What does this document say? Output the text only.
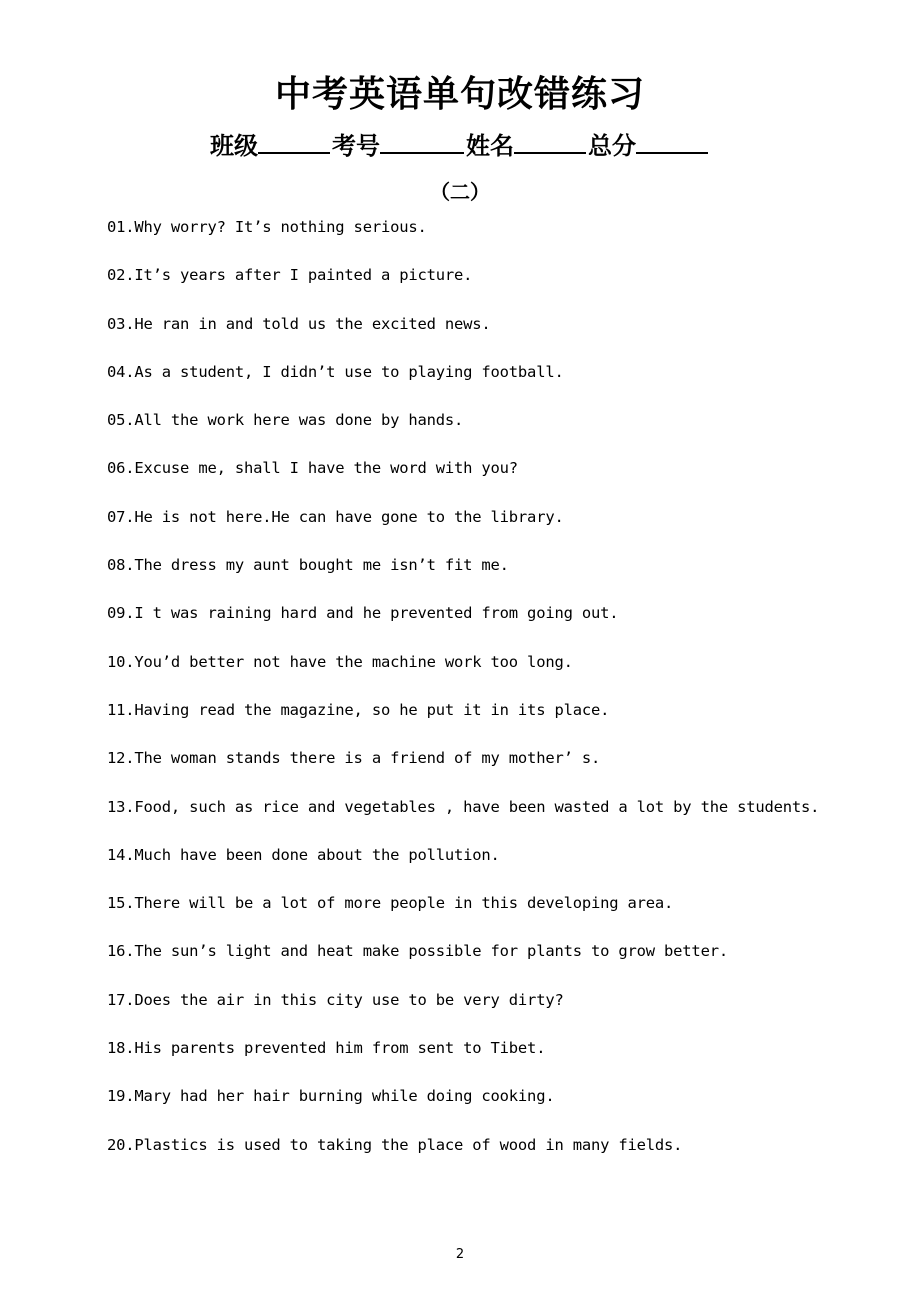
中考英语单句改错练习
班级	考号	姓名	总分
（二）
01.Why worry? It’s nothing serious.
02.It’s years after I painted a picture.
03.He ran in and told us the excited news.
04.As a student, I didn’t use to playing football.
05.All the work here was done by hands.
06.Excuse me, shall I have the word with you?
07.He is not here.He can have gone to the library.
08.The dress my aunt bought me isn’t fit me.
09.I t was raining hard and he prevented from going out.
10.You’d better not have the machine work too long.
11.Having read the magazine, so he put it in its place.
12.The woman stands there is a friend of my mother’ s.
13.Food, such as rice and vegetables , have been wasted a lot by the students.
14.Much have been done about the pollution.
15.There will be a lot of more people in this developing area.
16.The sun’s light and heat make possible for plants to grow better.
17.Does the air in this city use to be very dirty?
18.His parents prevented him from sent to Tibet.
19.Mary had her hair burning while doing cooking.
20.Plastics is used to taking the place of wood in many fields.
2
